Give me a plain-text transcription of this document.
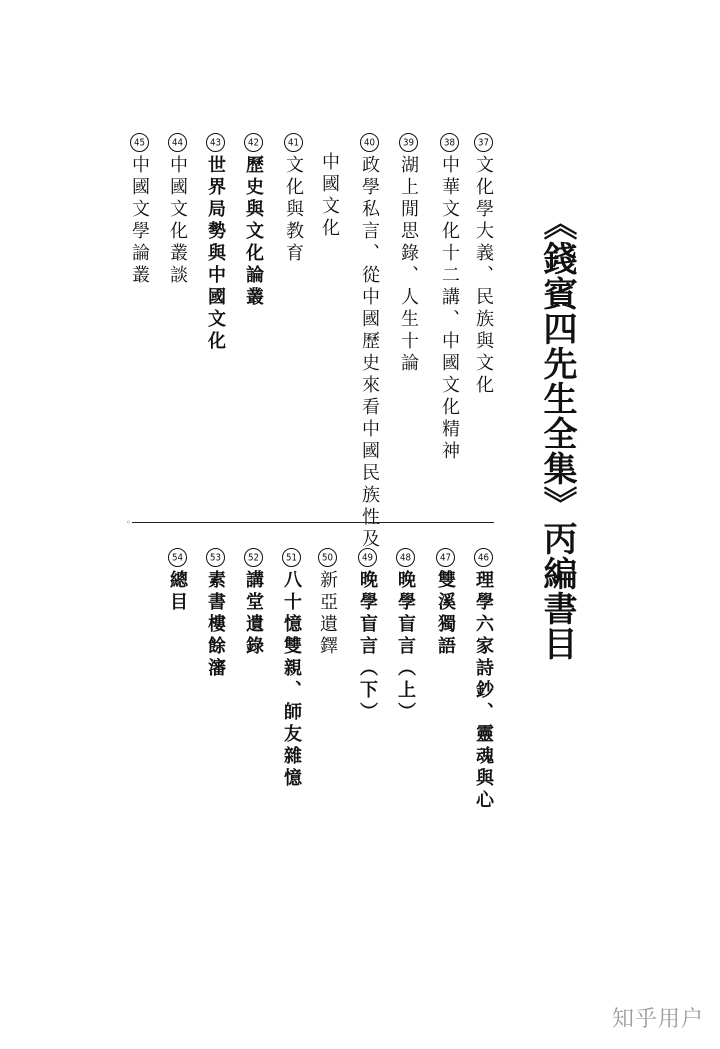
《錢賓四先生全集》丙編書目
37文化學大義、民族與文化
38中華文化十二講、中國文化精神
39湖上閒思錄、人生十論
40政學私言、從中國歷史來看中國民族性及
中國文化
41文化與教育
42歷史與文化論叢
43世界局勢與中國文化
44中國文化叢談
45中國文學論叢
◦
46理學六家詩鈔、靈魂與心
47雙溪獨語
48晚學盲言（上）
49晚學盲言（下）
50新亞遺鐸
51八十憶雙親、師友雜憶
52講堂遺錄
53素書樓餘瀋
54總目
知乎用户
